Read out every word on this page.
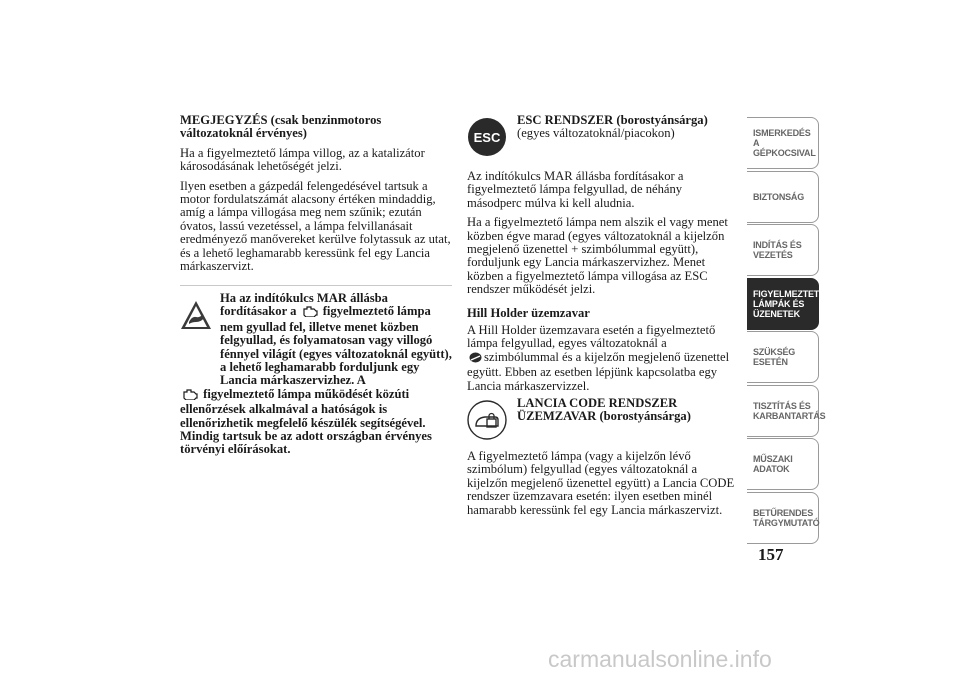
MEGJEGYZÉS (csak benzinmotoros változatoknál érvényes)

Ha a figyelmeztető lámpa villog, az a katalizátor károsodásának lehetőségét jelzi.

Ilyen esetben a gázpedál felengedésével tartsuk a motor fordulatszámát alacsony értéken mindaddig, amíg a lámpa villogása meg nem szűnik; ezután óvatos, lassú vezetéssel, a lámpa felvillanásait eredményező manővereket kerülve folytassuk az utat, és a lehető leghamarabb keressünk fel egy Lancia márkaszervizt.

Ha az indítókulcs MAR állásba fordításakor a figyelmeztető lámpa nem gyullad fel, illetve menet közben felgyullad, és folyamatosan vagy villogó fénnyel világít (egyes változatoknál együtt), a lehető leghamarabb forduljunk egy Lancia márkaszervizhez. A
figyelmeztető lámpa működését közúti ellenőrzések alkalmával a hatóságok is ellenőrizhetik megfelelő készülék segítségével. Mindig tartsuk be az adott országban érvényes törvényi előírásokat.
ESC
ESC RENDSZER (borostyánsárga)
(egyes változatoknál/piacokon)

Az indítókulcs MAR állásba fordításakor a figyelmeztető lámpa felgyullad, de néhány másodperc múlva ki kell aludnia.

Ha a figyelmeztető lámpa nem alszik el vagy menet közben égve marad (egyes változatoknál a kijelzőn megjelenő üzenettel + szimbólummal együtt), forduljunk egy Lancia márkaszervizhez. Menet közben a figyelmeztető lámpa villogása az ESC rendszer működését jelzi.

Hill Holder üzemzavar

A Hill Holder üzemzavara esetén a figyelmeztető lámpa felgyullad, egyes változatoknál a
szimbólummal és a kijelzőn megjelenő üzenettel együtt. Ebben az esetben lépjünk kapcsolatba egy Lancia márkaszervizzel.

LANCIA CODE RENDSZER
ÜZEMZAVAR (borostyánsárga)

A figyelmeztető lámpa (vagy a kijelzőn lévő szimbólum) felgyullad (egyes változatoknál a kijelzőn megjelenő üzenettel együtt) a Lancia CODE rendszer üzemzavara esetén: ilyen esetben minél hamarabb keressünk fel egy Lancia márkaszervizt.

ISMERKEDÉS A GÉPKOCSIVAL
BIZTONSÁG
INDÍTÁS ÉS VEZETÉS
FIGYELMEZTETŐ LÁMPÁK ÉS ÜZENETEK
SZÜKSÉG ESETÉN
TISZTÍTÁS ÉS KARBANTARTÁS
MŰSZAKI ADATOK
BETŰRENDES TÁRGYMUTATÓ
157
carmanualsonline.info
